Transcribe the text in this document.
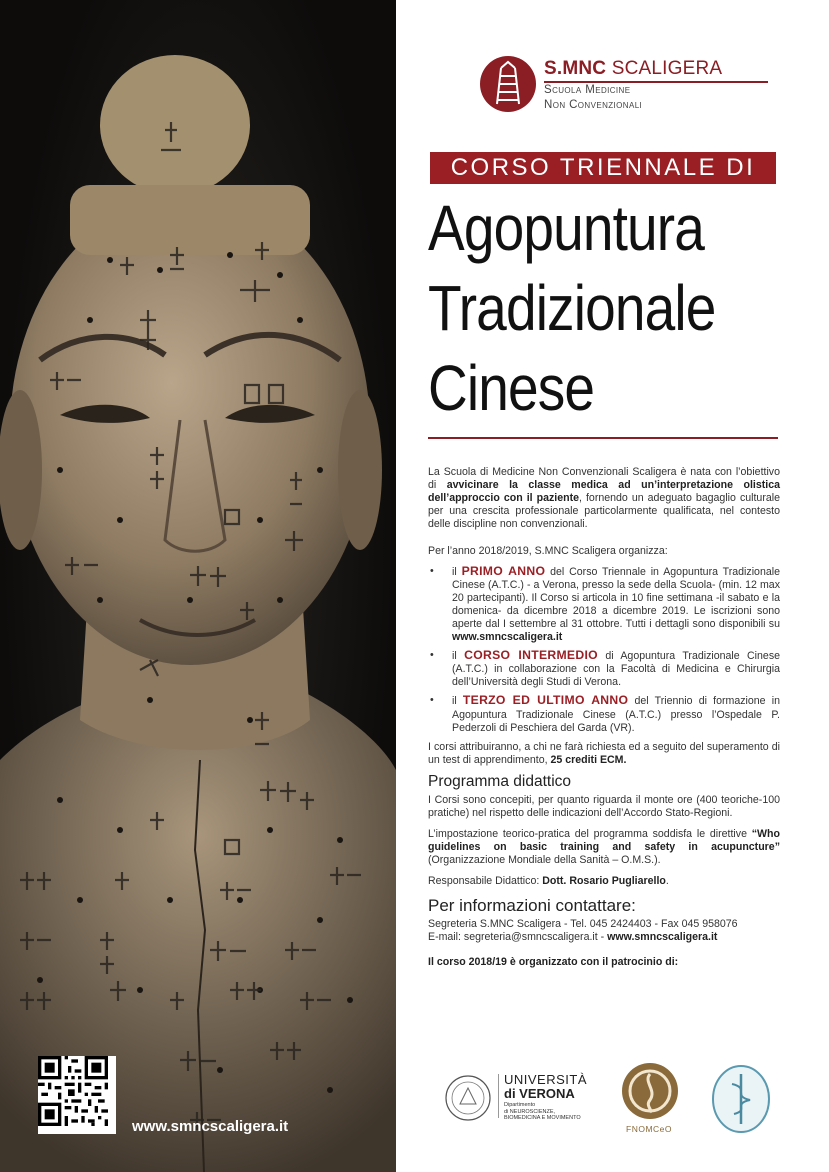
www.smncscaligera.it
S.MNC SCALIGERA
Scuola Medicine
Non Convenzionali
CORSO TRIENNALE DI
Agopuntura
Tradizionale
Cinese

La Scuola di Medicine Non Convenzionali Scaligera è nata con l’obiettivo di avvicinare la classe medica ad un’interpretazione olistica dell’approccio con il paziente, fornendo un adeguato bagaglio culturale per una crescita professionale particolarmente qualificata, nel contesto delle discipline non convenzionali.

Per l’anno 2018/2019, S.MNC Scaligera organizza:

• il PRIMO ANNO del Corso Triennale in Agopuntura Tradizionale Cinese (A.T.C.) - a Verona, presso la sede della Scuola- (min. 12 max 20 partecipanti). Il Corso si articola in 10 fine settimana -il sabato e la domenica- da dicembre 2018 a dicembre 2019. Le iscrizioni sono aperte dal I settembre al 31 ottobre. Tutti i dettagli sono disponibili su www.smncscaligera.it
• il CORSO INTERMEDIO di Agopuntura Tradizionale Cinese (A.T.C.) in collaborazione con la Facoltà di Medicina e Chirurgia dell’Università degli Studi di Verona.
• il TERZO ED ULTIMO ANNO del Triennio di formazione in Agopuntura Tradizionale Cinese (A.T.C.) presso l’Ospedale P. Pederzoli di Peschiera del Garda (VR).

I corsi attribuiranno, a chi ne farà richiesta ed a seguito del superamento di un test di apprendimento, 25 crediti ECM.

Programma didattico

I Corsi sono concepiti, per quanto riguarda il monte ore (400 teoriche-100 pratiche) nel rispetto delle indicazioni dell’Accordo Stato-Regioni.

L’impostazione teorico-pratica del programma soddisfa le direttive “Who guidelines on basic training and safety in acupuncture” (Organizzazione Mondiale della Sanità – O.M.S.).

Responsabile Didattico: Dott. Rosario Pugliarello.

Per informazioni contattare:
Segreteria S.MNC Scaligera - Tel. 045 2424403 - Fax 045 958076
E-mail: segreteria@smncscaligera.it - www.smncscaligera.it
Il corso 2018/19 è organizzato con il patrocinio di:
UNIVERSITÀ
di VERONA
Dipartimento
di NEUROSCIENZE,
BIOMEDICINA E MOVIMENTO
FNOMCeO
